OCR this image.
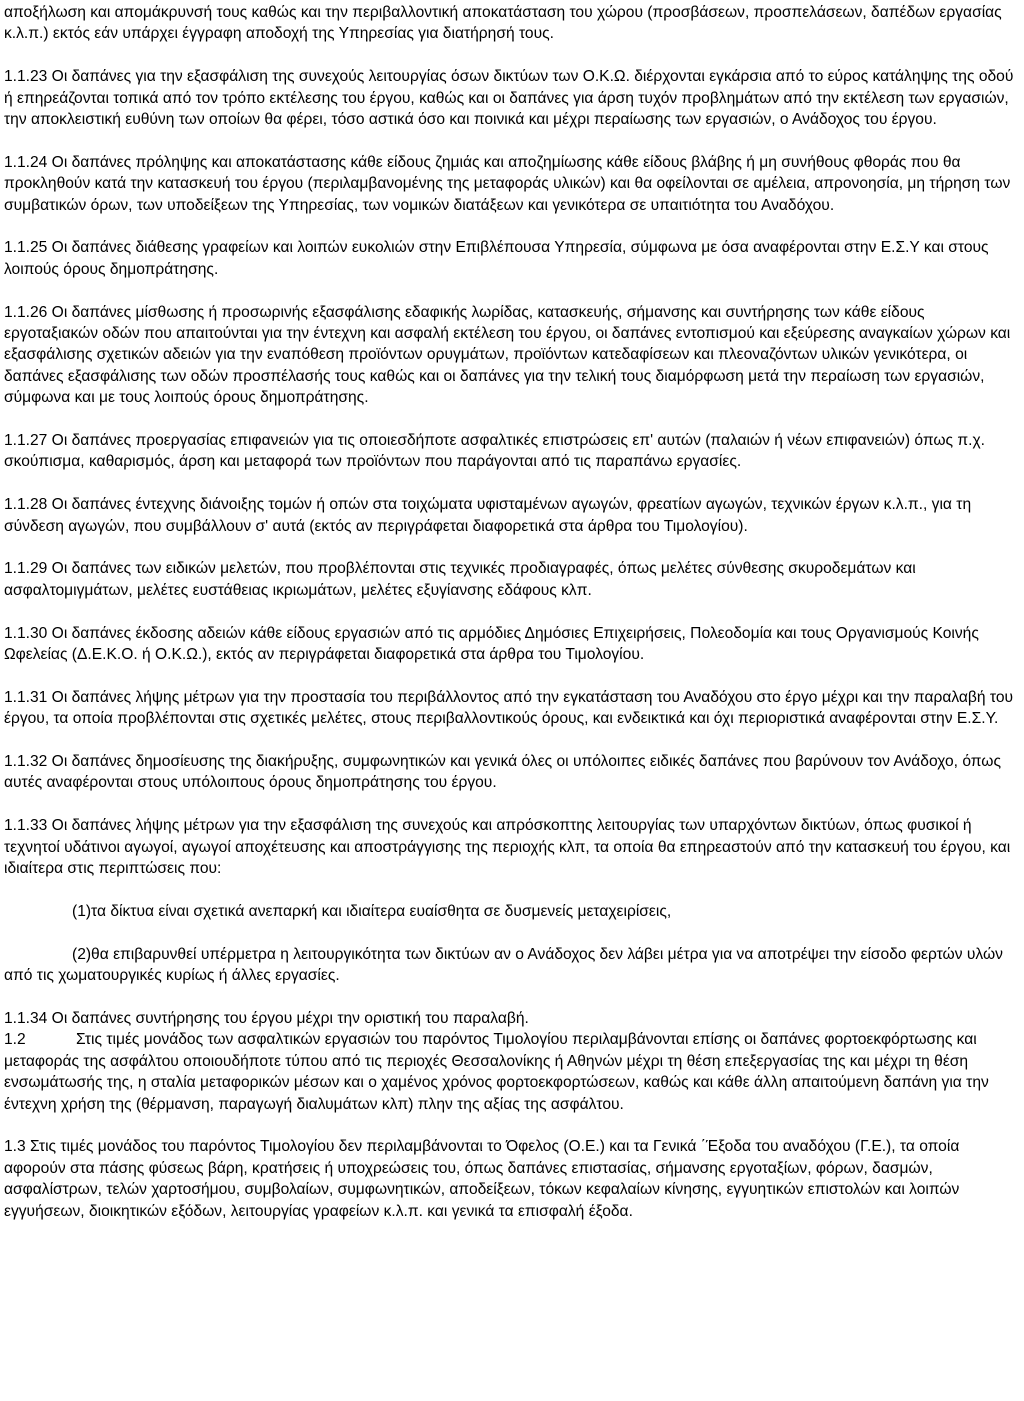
αποξήλωση και απομάκρυνσή τους καθώς και την περιβαλλοντική αποκατάσταση του χώρου (προσβάσεων, προσπελάσεων, δαπέδων εργασίας κ.λ.π.) εκτός εάν υπάρχει έγγραφη αποδοχή της Υπηρεσίας για διατήρησή τους.

1.1.23 Οι δαπάνες για την εξασφάλιση της συνεχούς λειτουργίας όσων δικτύων των Ο.Κ.Ω. διέρχονται εγκάρσια από το εύρος κατάληψης της οδού ή επηρεάζονται τοπικά από τον τρόπο εκτέλεσης του έργου, καθώς και οι δαπάνες για άρση τυχόν προβλημάτων από την εκτέλεση των εργασιών, την αποκλειστική ευθύνη των οποίων θα φέρει, τόσο αστικά όσο και ποινικά και μέχρι περαίωσης των εργασιών, ο Ανάδοχος του έργου.

1.1.24 Οι δαπάνες πρόληψης και αποκατάστασης κάθε είδους ζημιάς και αποζημίωσης κάθε είδους βλάβης ή μη συνήθους φθοράς που θα προκληθούν κατά την κατασκευή του έργου (περιλαμβανομένης της μεταφοράς υλικών) και θα οφείλονται σε αμέλεια, απρονοησία, μη τήρηση των συμβατικών όρων, των υποδείξεων της Υπηρεσίας, των νομικών διατάξεων και γενικότερα σε υπαιτιότητα του Αναδόχου.

1.1.25 Οι δαπάνες διάθεσης γραφείων και λοιπών ευκολιών στην Επιβλέπουσα Υπηρεσία, σύμφωνα με όσα αναφέρονται στην Ε.Σ.Υ και στους λοιπούς όρους δημοπράτησης.

1.1.26 Οι δαπάνες μίσθωσης ή προσωρινής εξασφάλισης εδαφικής λωρίδας, κατασκευής, σήμανσης και συντήρησης των κάθε είδους εργοταξιακών οδών που απαιτούνται για την έντεχνη και ασφαλή εκτέλεση του έργου, οι δαπάνες εντοπισμού και εξεύρεσης αναγκαίων χώρων και εξασφάλισης σχετικών αδειών για την εναπόθεση προϊόντων ορυγμάτων, προϊόντων κατεδαφίσεων και πλεοναζόντων υλικών γενικότερα, οι δαπάνες εξασφάλισης των οδών προσπέλασής τους καθώς και οι δαπάνες για την τελική τους διαμόρφωση μετά την περαίωση των εργασιών, σύμφωνα και με τους λοιπούς όρους δημοπράτησης.

1.1.27 Οι δαπάνες προεργασίας επιφανειών για τις οποιεσδήποτε ασφαλτικές επιστρώσεις επ' αυτών (παλαιών ή νέων επιφανειών) όπως π.χ. σκούπισμα, καθαρισμός, άρση και μεταφορά των προϊόντων που παράγονται από τις παραπάνω εργασίες.

1.1.28 Οι δαπάνες έντεχνης διάνοιξης τομών ή οπών στα τοιχώματα υφισταμένων αγωγών, φρεατίων αγωγών, τεχνικών έργων κ.λ.π., για τη σύνδεση αγωγών, που συμβάλλουν σ' αυτά (εκτός αν περιγράφεται διαφορετικά στα άρθρα του Τιμολογίου).

1.1.29 Οι δαπάνες των ειδικών μελετών, που προβλέπονται στις τεχνικές προδιαγραφές, όπως μελέτες σύνθεσης σκυροδεμάτων και ασφαλτομιγμάτων, μελέτες ευστάθειας ικριωμάτων, μελέτες εξυγίανσης εδάφους κλπ.

1.1.30 Οι δαπάνες έκδοσης αδειών κάθε είδους εργασιών από τις αρμόδιες Δημόσιες Επιχειρήσεις, Πολεοδομία και τους Οργανισμούς Κοινής Ωφελείας (Δ.Ε.Κ.Ο. ή Ο.Κ.Ω.), εκτός αν περιγράφεται διαφορετικά στα άρθρα του Τιμολογίου.

1.1.31 Οι δαπάνες λήψης μέτρων για την προστασία του περιβάλλοντος από την εγκατάσταση του Αναδόχου στο έργο μέχρι και την παραλαβή του έργου, τα οποία προβλέπονται στις σχετικές μελέτες, στους περιβαλλοντικούς όρους, και ενδεικτικά και όχι περιοριστικά αναφέρονται στην Ε.Σ.Υ.

1.1.32 Οι δαπάνες δημοσίευσης της διακήρυξης, συμφωνητικών και γενικά όλες οι υπόλοιπες ειδικές δαπάνες που βαρύνουν τον Ανάδοχο, όπως αυτές αναφέρονται στους υπόλοιπους όρους δημοπράτησης του έργου.

1.1.33 Οι δαπάνες λήψης μέτρων για την εξασφάλιση της συνεχούς και απρόσκοπτης λειτουργίας των υπαρχόντων δικτύων, όπως φυσικοί ή τεχνητοί υδάτινοι αγωγοί, αγωγοί αποχέτευσης και αποστράγγισης της περιοχής κλπ, τα οποία θα επηρεαστούν από την κατασκευή του έργου, και ιδιαίτερα στις περιπτώσεις που:

(1)τα δίκτυα είναι σχετικά ανεπαρκή και ιδιαίτερα ευαίσθητα σε δυσμενείς μεταχειρίσεις,

(2)θα επιβαρυνθεί υπέρμετρα η λειτουργικότητα των δικτύων αν ο Ανάδοχος δεν λάβει μέτρα για να αποτρέψει την είσοδο φερτών υλών από τις χωματουργικές κυρίως ή άλλες εργασίες.

1.1.34 Οι δαπάνες συντήρησης του έργου μέχρι την οριστική του παραλαβή.

1.2	Στις τιμές μονάδος των ασφαλτικών εργασιών του παρόντος Τιμολογίου περιλαμβάνονται επίσης οι δαπάνες φορτοεκφόρτωσης και μεταφοράς της ασφάλτου οποιουδήποτε τύπου από τις περιοχές Θεσσαλονίκης ή Αθηνών μέχρι τη θέση επεξεργασίας της και μέχρι τη θέση ενσωμάτωσής της, η σταλία μεταφορικών μέσων και ο χαμένος χρόνος φορτοεκφορτώσεων, καθώς και κάθε άλλη απαιτούμενη δαπάνη για την έντεχνη χρήση της (θέρμανση, παραγωγή διαλυμάτων κλπ) πλην της αξίας της ασφάλτου.

1.3 Στις τιμές μονάδος του παρόντος Τιμολογίου δεν περιλαμβάνονται το Όφελος (Ο.Ε.) και τα Γενικά ΄Έξοδα του αναδόχου (Γ.Ε.), τα οποία αφορούν στα πάσης φύσεως βάρη, κρατήσεις ή υποχρεώσεις του, όπως δαπάνες επιστασίας, σήμανσης εργοταξίων, φόρων, δασμών, ασφαλίστρων, τελών χαρτοσήμου, συμβολαίων, συμφωνητικών, αποδείξεων, τόκων κεφαλαίων κίνησης, εγγυητικών επιστολών και λοιπών εγγυήσεων, διοικητικών εξόδων, λειτουργίας γραφείων κ.λ.π. και γενικά τα επισφαλή έξοδα.
